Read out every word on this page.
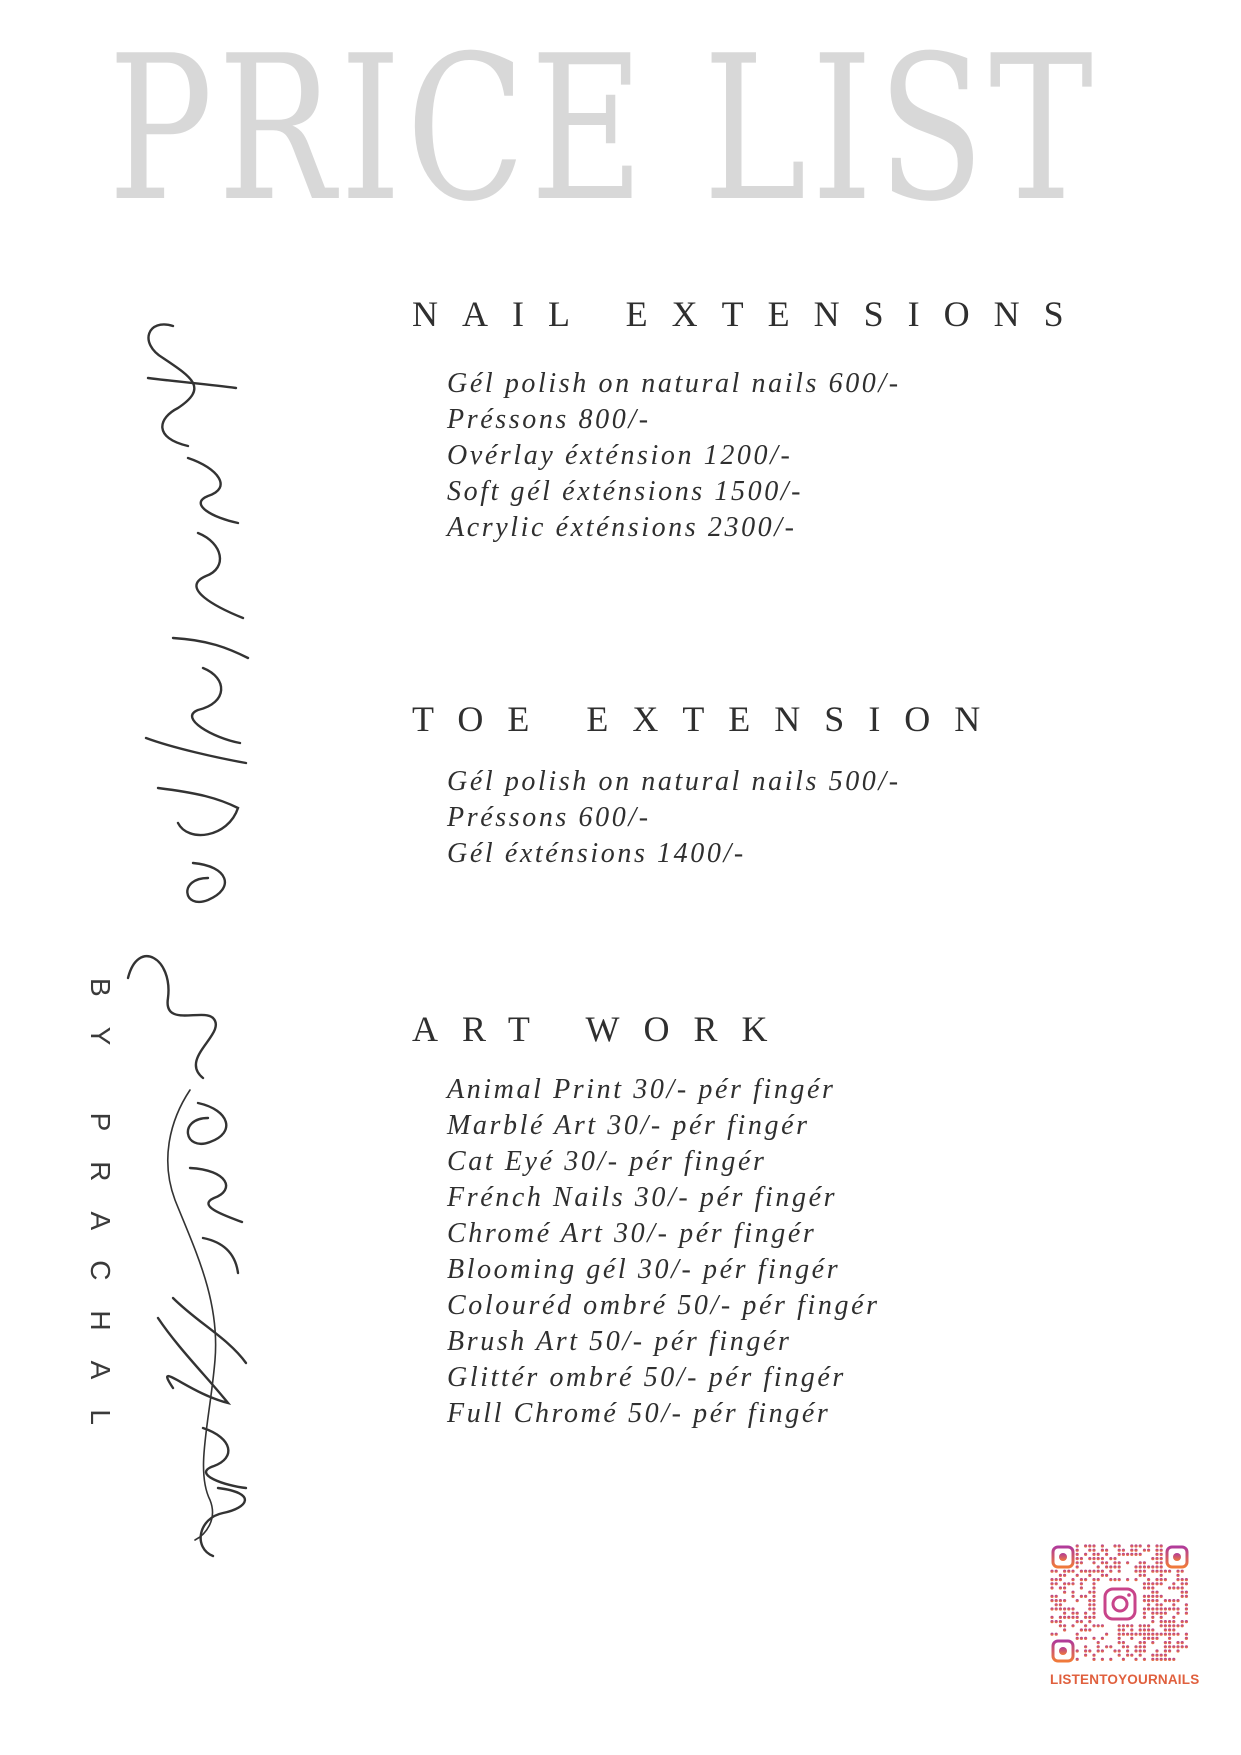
PRICE LIST
BY PRACHAL
NAIL EXTENSIONS
Gél polish on natural nails 600/-
Préssons 800/-
Ovérlay éxténsion 1200/-
Soft gél éxténsions 1500/-
Acrylic éxténsions 2300/-
TOE EXTENSION
Gél polish on natural nails 500/-
Préssons 600/-
Gél éxténsions 1400/-
ART WORK
Animal Print 30/- pér fingér
Marblé Art 30/- pér fingér
Cat Eyé 30/- pér fingér
Frénch Nails 30/- pér fingér
Chromé Art 30/- pér fingér
Blooming gél 30/- pér fingér
Colouréd ombré 50/- pér fingér
Brush Art 50/- pér fingér
Glittér ombré 50/- pér fingér
Full Chromé 50/- pér fingér
LISTENTOYOURNAILS
